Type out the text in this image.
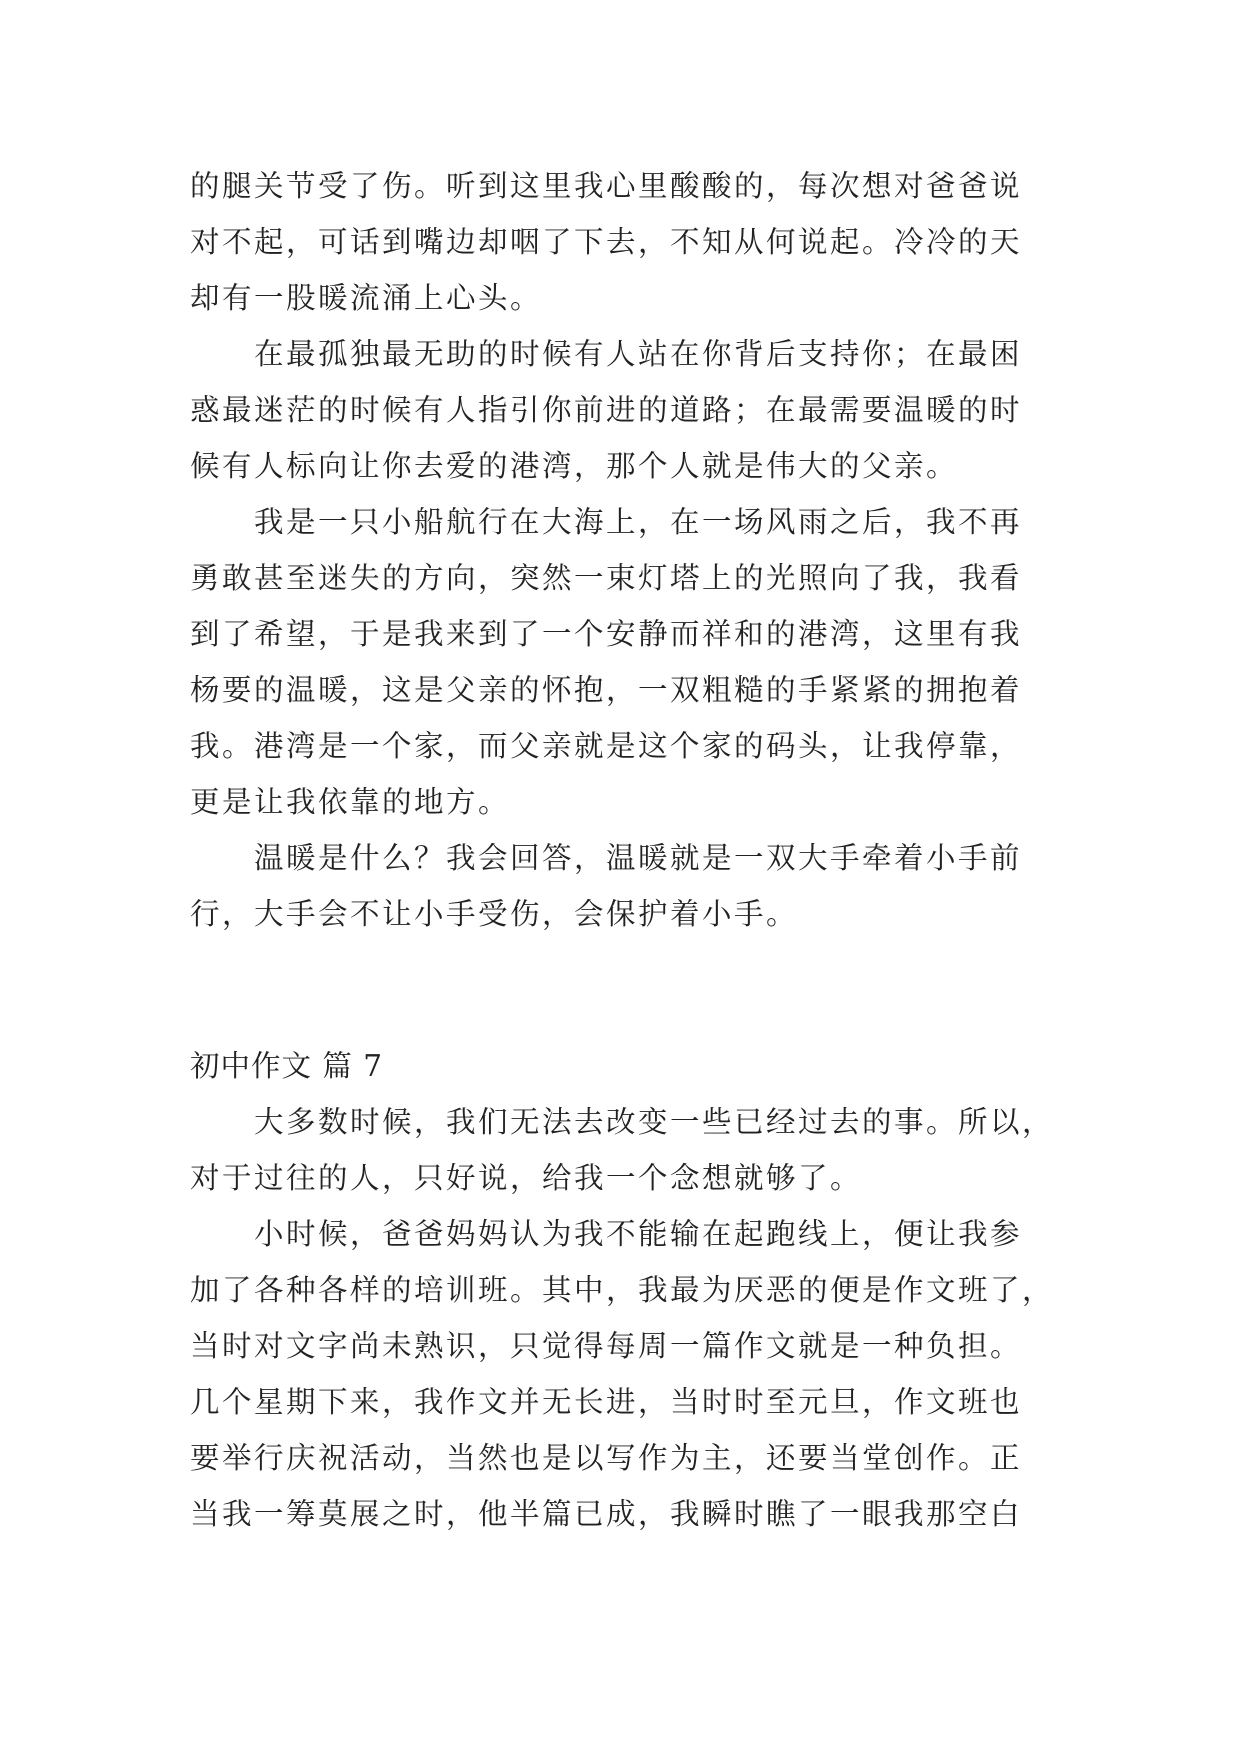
的腿关节受了伤。听到这里我心里酸酸的，每次想对爸爸说
对不起，可话到嘴边却咽了下去，不知从何说起。冷冷的天
却有一股暖流涌上心头。
在最孤独最无助的时候有人站在你背后支持你；在最困
惑最迷茫的时候有人指引你前进的道路；在最需要温暖的时
候有人标向让你去爱的港湾，那个人就是伟大的父亲。
我是一只小船航行在大海上，在一场风雨之后，我不再
勇敢甚至迷失的方向，突然一束灯塔上的光照向了我，我看
到了希望，于是我来到了一个安静而祥和的港湾，这里有我
杨要的温暖，这是父亲的怀抱，一双粗糙的手紧紧的拥抱着
我。港湾是一个家，而父亲就是这个家的码头，让我停靠，
更是让我依靠的地方。
温暖是什么？我会回答，温暖就是一双大手牵着小手前
行，大手会不让小手受伤，会保护着小手。
初中作文 篇 7
大多数时候，我们无法去改变一些已经过去的事。所以，
对于过往的人，只好说，给我一个念想就够了。
小时候，爸爸妈妈认为我不能输在起跑线上，便让我参
加了各种各样的培训班。其中，我最为厌恶的便是作文班了，
当时对文字尚未熟识，只觉得每周一篇作文就是一种负担。
几个星期下来，我作文并无长进，当时时至元旦，作文班也
要举行庆祝活动，当然也是以写作为主，还要当堂创作。正
当我一筹莫展之时，他半篇已成，我瞬时瞧了一眼我那空白
